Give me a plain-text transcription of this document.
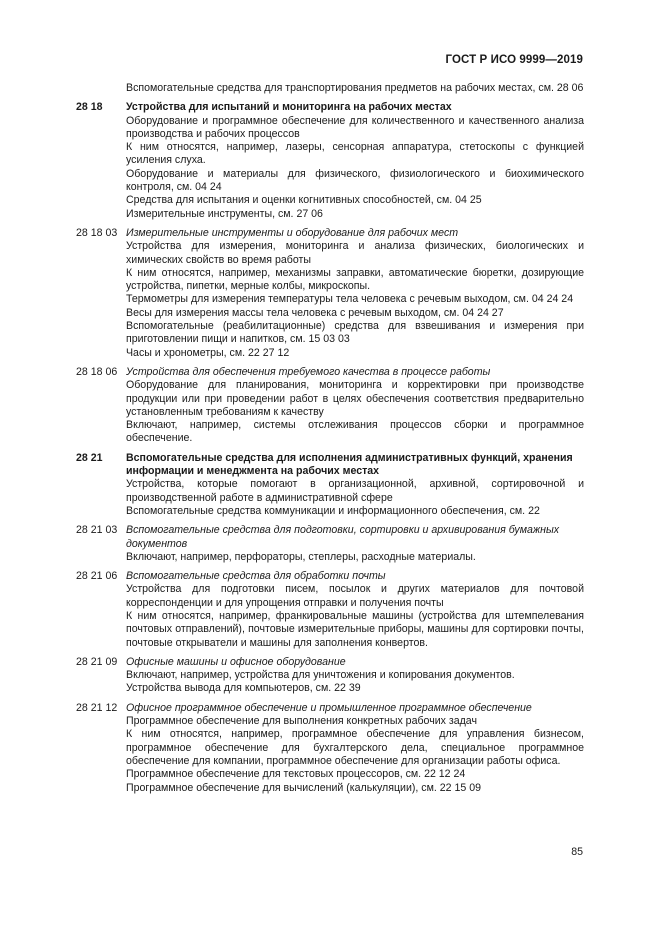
ГОСТ Р ИСО 9999—2019
Вспомогательные средства для транспортирования предметов на рабочих местах, см. 28 06
28 18	Устройства для испытаний и мониторинга на рабочих местах
Оборудование и программное обеспечение для количественного и качественного анализа производства и рабочих процессов
К ним относятся, например, лазеры, сенсорная аппаратура, стетоскопы с функцией усиления слуха.
Оборудование и материалы для физического, физиологического и биохимического контроля, см. 04 24
Средства для испытания и оценки когнитивных способностей, см. 04 25
Измерительные инструменты, см. 27 06
28 18 03 Измерительные инструменты и оборудование для рабочих мест
Устройства для измерения, мониторинга и анализа физических, биологических и химических свойств во время работы
К ним относятся, например, механизмы заправки, автоматические бюретки, дозирующие устройства, пипетки, мерные колбы, микроскопы.
Термометры для измерения температуры тела человека с речевым выходом, см. 04 24 24
Весы для измерения массы тела человека с речевым выходом, см. 04 24 27
Вспомогательные (реабилитационные) средства для взвешивания и измерения при приготовлении пищи и напитков, см. 15 03 03
Часы и хронометры, см. 22 27 12
28 18 06 Устройства для обеспечения требуемого качества в процессе работы
Оборудование для планирования, мониторинга и корректировки при производстве продукции или при проведении работ в целях обеспечения соответствия предварительно установленным требованиям к качеству
Включают, например, системы отслеживания процессов сборки и программное обеспечение.
28 21	Вспомогательные средства для исполнения административных функций, хранения информации и менеджмента на рабочих местах
Устройства, которые помогают в организационной, архивной, сортировочной и производственной работе в административной сфере
Вспомогательные средства коммуникации и информационного обеспечения, см. 22
28 21 03 Вспомогательные средства для подготовки, сортировки и архивирования бумажных документов
Включают, например, перфораторы, степлеры, расходные материалы.
28 21 06 Вспомогательные средства для обработки почты
Устройства для подготовки писем, посылок и других материалов для почтовой корреспонденции и для упрощения отправки и получения почты
К ним относятся, например, франкировальные машины (устройства для штемпелевания почтовых отправлений), почтовые измерительные приборы, машины для сортировки почты, почтовые открыватели и машины для заполнения конвертов.
28 21 09 Офисные машины и офисное оборудование
Включают, например, устройства для уничтожения и копирования документов.
Устройства вывода для компьютеров, см. 22 39
28 21 12 Офисное программное обеспечение и промышленное программное обеспечение
Программное обеспечение для выполнения конкретных рабочих задач
К ним относятся, например, программное обеспечение для управления бизнесом, программное обеспечение для бухгалтерского дела, специальное программное обеспечение для компании, программное обеспечение для организации работы офиса.
Программное обеспечение для текстовых процессоров, см. 22 12 24
Программное обеспечение для вычислений (калькуляции), см. 22 15 09
85
